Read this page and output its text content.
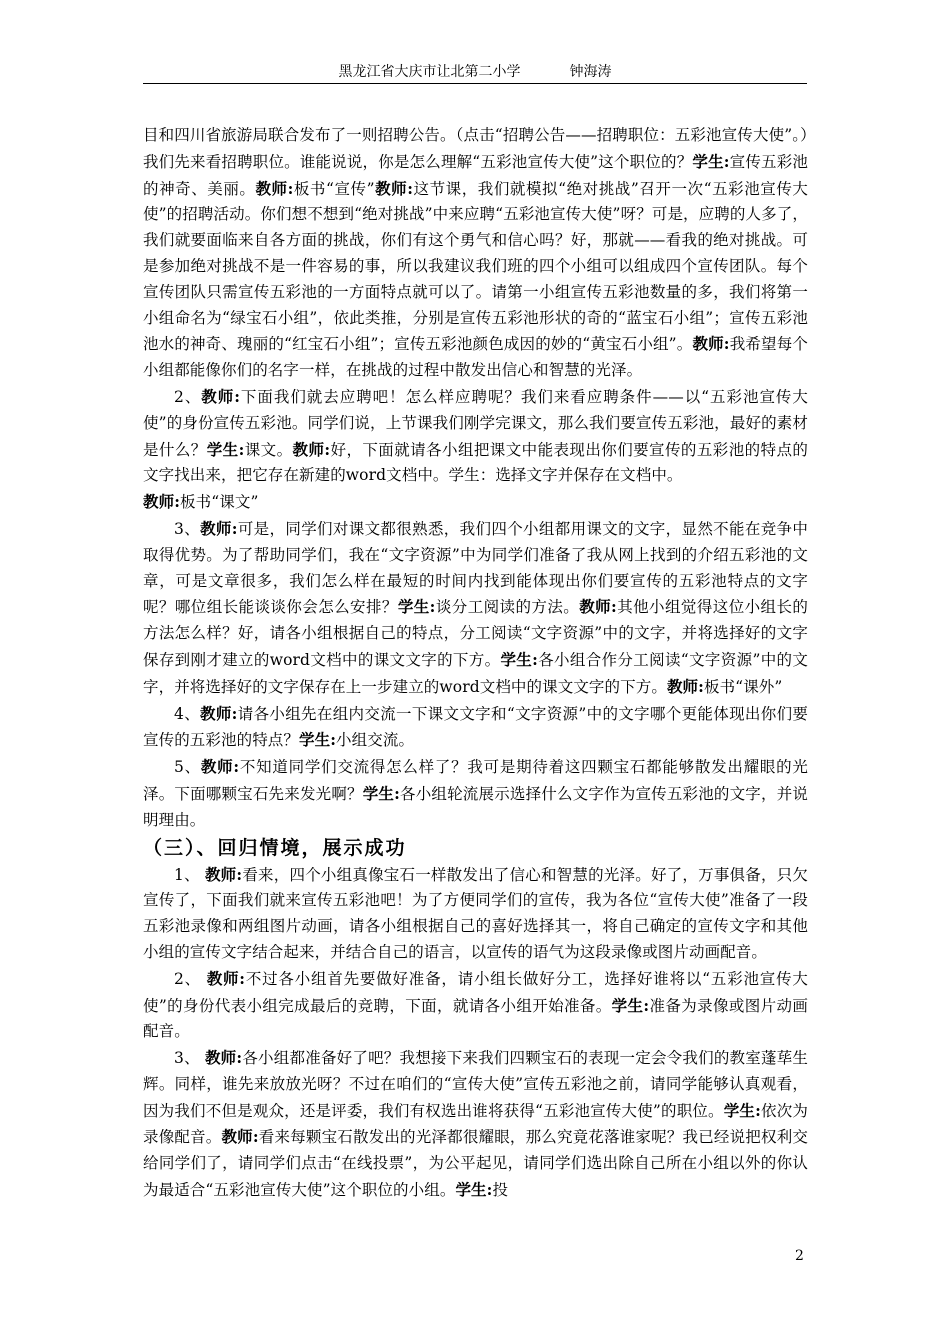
黑龙江省大庆市让北第二小学	钟海涛

目和四川省旅游局联合发布了一则招聘公告。（点击“招聘公告——招聘职位：五彩池宣传大使”。）我们先来看招聘职位。谁能说说，你是怎么理解“五彩池宣传大使”这个职位的？学生:宣传五彩池的神奇、美丽。教师:板书“宣传”教师:这节课，我们就模拟“绝对挑战”召开一次“五彩池宣传大使”的招聘活动。你们想不想到“绝对挑战”中来应聘“五彩池宣传大使”呀？可是，应聘的人多了，我们就要面临来自各方面的挑战，你们有这个勇气和信心吗？好，那就——看我的绝对挑战。可是参加绝对挑战不是一件容易的事，所以我建议我们班的四个小组可以组成四个宣传团队。每个宣传团队只需宣传五彩池的一方面特点就可以了。请第一小组宣传五彩池数量的多，我们将第一小组命名为“绿宝石小组”，依此类推，分别是宣传五彩池形状的奇的“蓝宝石小组”；宣传五彩池池水的神奇、瑰丽的“红宝石小组”；宣传五彩池颜色成因的妙的“黄宝石小组”。教师:我希望每个小组都能像你们的名字一样，在挑战的过程中散发出信心和智慧的光泽。

2、教师:下面我们就去应聘吧！怎么样应聘呢？我们来看应聘条件——以“五彩池宣传大使”的身份宣传五彩池。同学们说，上节课我们刚学完课文，那么我们要宣传五彩池，最好的素材是什么？学生:课文。教师:好，下面就请各小组把课文中能表现出你们要宣传的五彩池的特点的文字找出来，把它存在新建的word文档中。学生：选择文字并保存在文档中。
教师:板书“课文”

3、教师:可是，同学们对课文都很熟悉，我们四个小组都用课文的文字，显然不能在竞争中取得优势。为了帮助同学们，我在“文字资源”中为同学们准备了我从网上找到的介绍五彩池的文章，可是文章很多，我们怎么样在最短的时间内找到能体现出你们要宣传的五彩池特点的文字呢？哪位组长能谈谈你会怎么安排？学生:谈分工阅读的方法。教师:其他小组觉得这位小组长的方法怎么样？好，请各小组根据自己的特点，分工阅读“文字资源”中的文字，并将选择好的文字保存到刚才建立的word文档中的课文文字的下方。学生:各小组合作分工阅读“文字资源”中的文字，并将选择好的文字保存在上一步建立的word文档中的课文文字的下方。教师:板书“课外”

4、教师:请各小组先在组内交流一下课文文字和“文字资源”中的文字哪个更能体现出你们要宣传的五彩池的特点？学生:小组交流。

5、教师:不知道同学们交流得怎么样了？我可是期待着这四颗宝石都能够散发出耀眼的光泽。下面哪颗宝石先来发光啊？学生:各小组轮流展示选择什么文字作为宣传五彩池的文字，并说明理由。

（三）、回归情境，展示成功

1、 教师:看来，四个小组真像宝石一样散发出了信心和智慧的光泽。好了，万事俱备，只欠宣传了，下面我们就来宣传五彩池吧！为了方便同学们的宣传，我为各位“宣传大使”准备了一段五彩池录像和两组图片动画，请各小组根据自己的喜好选择其一，将自己确定的宣传文字和其他小组的宣传文字结合起来，并结合自己的语言，以宣传的语气为这段录像或图片动画配音。

2、 教师:不过各小组首先要做好准备，请小组长做好分工，选择好谁将以“五彩池宣传大使”的身份代表小组完成最后的竞聘，下面，就请各小组开始准备。学生:准备为录像或图片动画配音。

3、 教师:各小组都准备好了吧？我想接下来我们四颗宝石的表现一定会令我们的教室蓬荜生辉。同样，谁先来放放光呀？不过在咱们的“宣传大使”宣传五彩池之前，请同学能够认真观看，因为我们不但是观众，还是评委，我们有权选出谁将获得“五彩池宣传大使”的职位。学生:依次为录像配音。教师:看来每颗宝石散发出的光泽都很耀眼，那么究竟花落谁家呢？我已经说把权利交给同学们了，请同学们点击“在线投票”，为公平起见，请同学们选出除自己所在小组以外的你认为最适合“五彩池宣传大使”这个职位的小组。学生:投

2
